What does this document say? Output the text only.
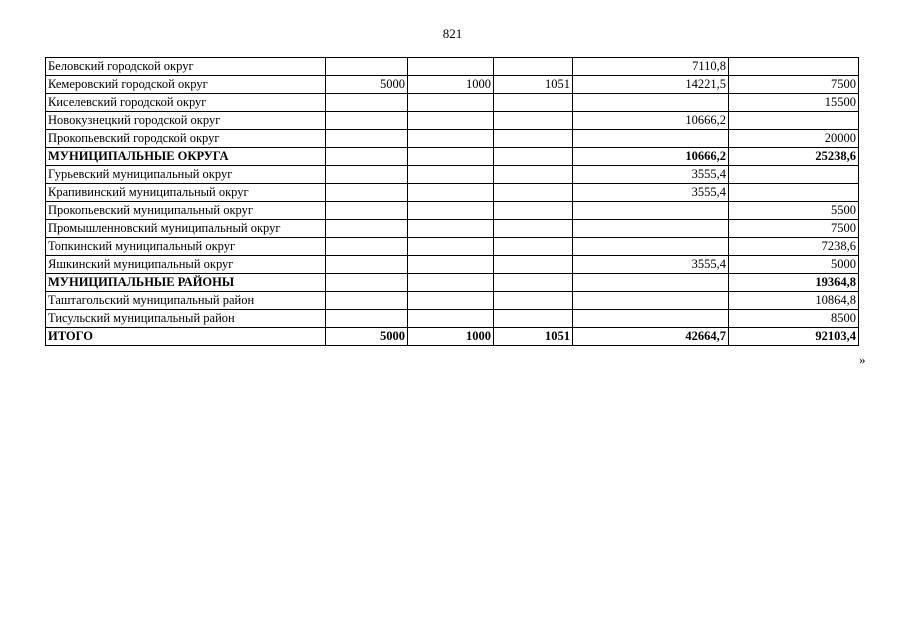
821
Беловский городской округ				7110,8	
Кемеровский городской округ	5000	1000	1051	14221,5	7500
Киселевский городской округ					15500
Новокузнецкий городской округ				10666,2	
Прокопьевский городской округ					20000
МУНИЦИПАЛЬНЫЕ ОКРУГА				10666,2	25238,6
Гурьевский муниципальный округ				3555,4	
Крапивинский муниципальный округ				3555,4	
Прокопьевский муниципальный округ					5500
Промышленновский муниципальный округ					7500
Топкинский муниципальный округ					7238,6
Яшкинский муниципальный округ				3555,4	5000
МУНИЦИПАЛЬНЫЕ РАЙОНЫ					19364,8
Таштагольский муниципальный район					10864,8
Тисульский муниципальный район					8500
ИТОГО	5000	1000	1051	42664,7	92103,4
»
